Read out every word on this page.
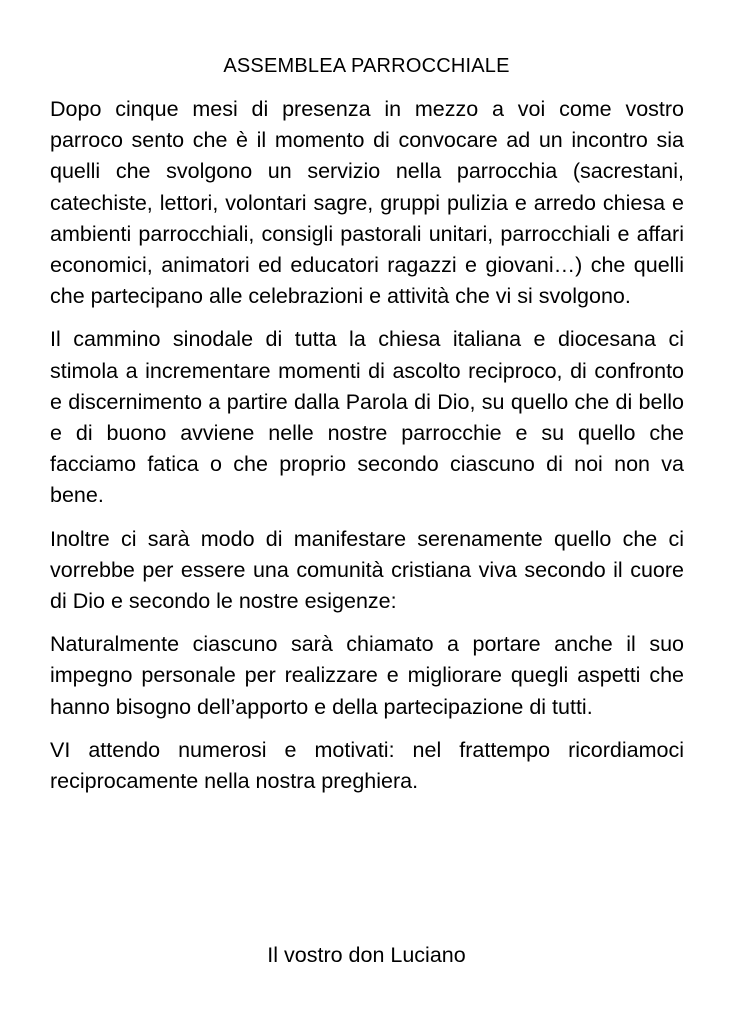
ASSEMBLEA PARROCCHIALE

Dopo cinque mesi di presenza in mezzo a voi come vostro parroco sento che è il momento di convocare ad un incontro sia quelli che svolgono un servizio nella parrocchia (sacrestani, catechiste, lettori, volontari sagre, gruppi pulizia e arredo chiesa e ambienti parrocchiali, consigli pastorali unitari, parrocchiali e affari economici, animatori ed educatori ragazzi e giovani…) che quelli che partecipano alle celebrazioni e attività che vi si svolgono.

Il cammino sinodale di tutta la chiesa italiana e diocesana ci stimola a incrementare momenti di ascolto reciproco, di confronto e discernimento a partire dalla Parola di Dio, su quello che di bello e di buono avviene nelle nostre parrocchie e su quello che facciamo fatica o che proprio secondo ciascuno di noi non va bene.

Inoltre ci sarà modo di manifestare serenamente quello che ci vorrebbe per essere una comunità cristiana viva secondo il cuore di Dio e secondo le nostre esigenze:

Naturalmente ciascuno sarà chiamato a portare anche il suo impegno personale per realizzare e migliorare quegli aspetti che hanno bisogno dell’apporto e della partecipazione di tutti.

VI attendo numerosi e motivati: nel frattempo ricordiamoci reciprocamente nella nostra preghiera.

Il vostro don Luciano
